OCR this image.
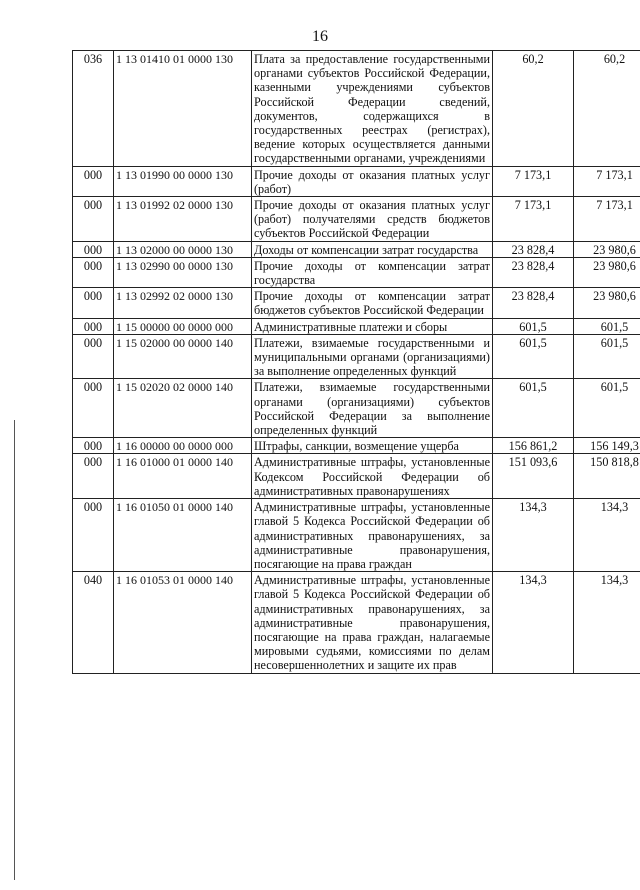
16
036	1 13 01410 01 0000 130	Плата за предоставление государственными органами субъектов Российской Федерации, казенными учреждениями субъектов Российской Федерации сведений, документов, содержащихся в государственных реестрах (регистрах), ведение которых осуществляется данными государственными органами, учреждениями	60,2	60,2
000	1 13 01990 00 0000 130	Прочие доходы от оказания платных услуг (работ)	7 173,1	7 173,1
000	1 13 01992 02 0000 130	Прочие доходы от оказания платных услуг (работ) получателями средств бюджетов субъектов Российской Федерации	7 173,1	7 173,1
000	1 13 02000 00 0000 130	Доходы от компенсации затрат государства	23 828,4	23 980,6
000	1 13 02990 00 0000 130	Прочие доходы от компенсации затрат государства	23 828,4	23 980,6
000	1 13 02992 02 0000 130	Прочие доходы от компенсации затрат бюджетов субъектов Российской Федерации	23 828,4	23 980,6
000	1 15 00000 00 0000 000	Административные платежи и сборы	601,5	601,5
000	1 15 02000 00 0000 140	Платежи, взимаемые государственными и муниципальными органами (организациями) за выполнение определенных функций	601,5	601,5
000	1 15 02020 02 0000 140	Платежи, взимаемые государственными органами (организациями) субъектов Российской Федерации за выполнение определенных функций	601,5	601,5
000	1 16 00000 00 0000 000	Штрафы, санкции, возмещение ущерба	156 861,2	156 149,3
000	1 16 01000 01 0000 140	Административные штрафы, установленные Кодексом Российской Федерации об административных правонарушениях	151 093,6	150 818,8
000	1 16 01050 01 0000 140	Административные штрафы, установленные главой 5 Кодекса Российской Федерации об административных правонарушениях, за административные правонарушения, посягающие на права граждан	134,3	134,3
040	1 16 01053 01 0000 140	Административные штрафы, установленные главой 5 Кодекса Российской Федерации об административных правонарушениях, за административные правонарушения, посягающие на права граждан, налагаемые мировыми судьями, комиссиями по делам несовершеннолетних и защите их прав	134,3	134,3
